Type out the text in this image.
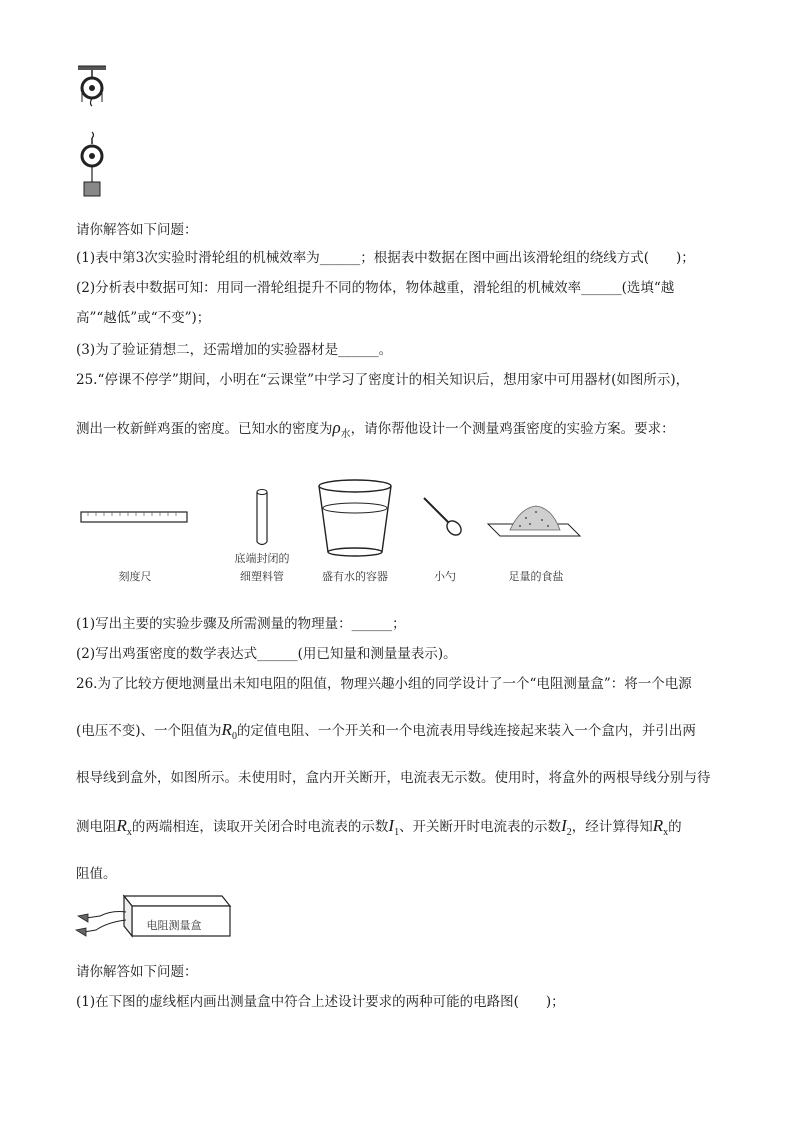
请你解答如下问题：
(1)表中第3次实验时滑轮组的机械效率为______；根据表中数据在图中画出该滑轮组的绕线方式(　　)；
(2)分析表中数据可知：用同一滑轮组提升不同的物体，物体越重，滑轮组的机械效率______(选填“越
高”“越低”或“不变”)；
(3)为了验证猜想二，还需增加的实验器材是______。
25.“停课不停学”期间，小明在“云课堂”中学习了密度计的相关知识后，想用家中可用器材(如图所示)，
测出一枚新鲜鸡蛋的密度。已知水的密度为$\rho_水$，请你帮他设计一个测量鸡蛋密度的实验方案。要求：
刻度尺
底端封闭的
细塑料管	盛有水的容器	小勺	足量的食盐
(1)写出主要的实验步骤及所需测量的物理量：______；
(2)写出鸡蛋密度的数学表达式______(用已知量和测量量表示)。
26.为了比较方便地测量出未知电阻的阻值，物理兴趣小组的同学设计了一个“电阻测量盒”：将一个电源
(电压不变)、一个阻值为$R_0$的定值电阻、一个开关和一个电流表用导线连接起来装入一个盒内，并引出两
根导线到盒外，如图所示。未使用时，盒内开关断开，电流表无示数。使用时，将盒外的两根导线分别与待
测电阻$R_x$的两端相连，读取开关闭合时电流表的示数$I_1$、开关断开时电流表的示数$I_2$，经计算得知$R_x$的
阻值。
电阻测量盒
请你解答如下问题：
(1)在下图的虚线框内画出测量盒中符合上述设计要求的两种可能的电路图(　　)；
